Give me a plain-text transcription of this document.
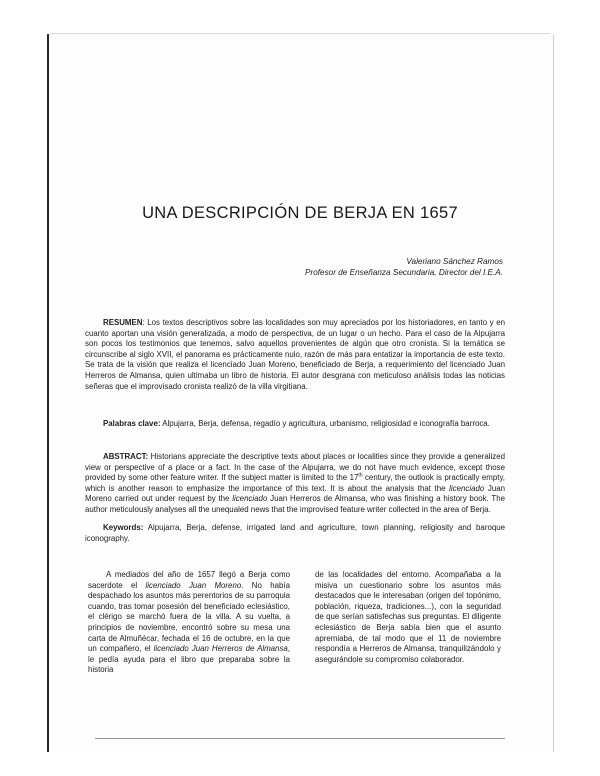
UNA DESCRIPCIÓN DE BERJA EN 1657
Valeriano Sánchez Ramos
Profesor de Enseñanza Secundaria, Director del I.E.A.

RESUMEN: Los textos descriptivos sobre las localidades son muy apreciados por los historiadores, en tanto y en cuanto aportan una visión generalizada, a modo de perspectiva, de un lugar o un hecho. Para el caso de la Alpujarra son pocos los testimonios que tenemos, salvo aquellos provenientes de algún que otro cronista. Si la temática se circunscribe al siglo XVII, el panorama es prácticamente nulo, razón de más para entatizar la importancia de este texto. Se trata de la visión que realiza el licenciado Juan Moreno, beneficiado de Berja, a requerimiento del licenciado Juan Herreros de Almansa, quien ultimaba un libro de historia. El autor desgrana con meticuloso análisis todas las noticias señeras que el improvisado cronista realizó de la villa virgitiana.

Palabras clave: Alpujarra, Berja, defensa, regadío y agricultura, urbanismo, religiosidad e iconografía barroca.

ABSTRACT: Historians appreciate the descriptive texts about places or localities since they provide a generalized view or perspective of a place or a fact. In the case of the Alpujarra, we do not have much evidence, except those provided by some other feature writer. If the subject matter is limited to the 17th century, the outlook is practically empty, which is another reason to emphasize the importance of this text. It is about the analysis that the licenciado Juan Moreno carried out under request by the licenciado Juan Herreros de Almansa, who was finishing a history book. The author meticulously analyses all the unequaled news that the improvised feature writer collected in the area of Berja.

Keywords: Alpujarra, Berja, defense, irrigated land and agriculture, town planning, religiosity and baroque iconography.

A mediados del año de 1657 llegó a Berja como sacerdote el licenciado Juan Moreno. No había despachado los asuntos más perentorios de su parroquia cuando, tras tomar posesión del beneficiado eclesiástico, el clérigo se marchó fuera de la villa. A su vuelta, a principios de noviembre, encontró sobre su mesa una carta de Almuñécar, fechada el 16 de octubre, en la que un compañero, el licenciado Juan Herreros de Almansa, le pedía ayuda para el libro que preparaba sobre la historia

de las localidades del entorno. Acompañaba a la misiva un cuestionario sobre los asuntos más destacados que le interesaban (origen del topónimo, población, riqueza, tradiciones...), con la seguridad de que serían satisfechas sus preguntas. El diligente eclesiástico de Berja sabía bien que el asunto apremiaba, de tal modo que el 11 de noviembre respondía a Herreros de Almansa, tranquilizándolo y asegurándole su compromiso colaborador.
